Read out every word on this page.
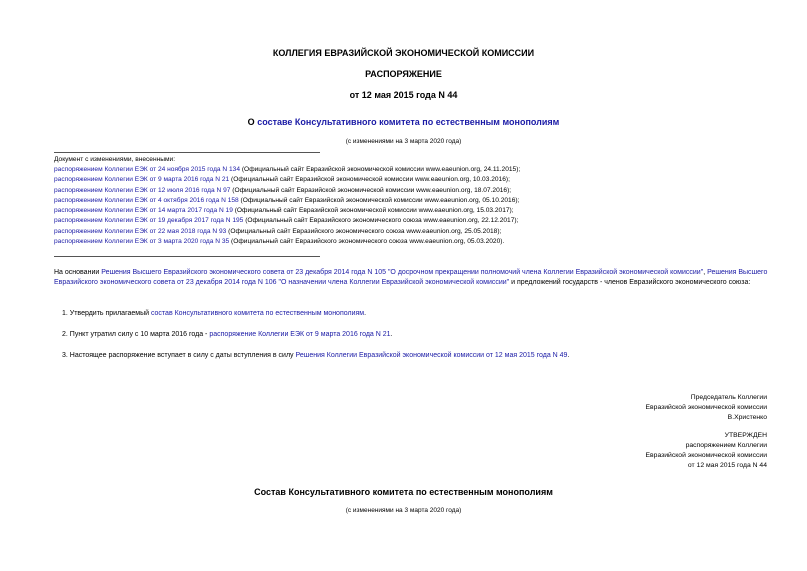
КОЛЛЕГИЯ ЕВРАЗИЙСКОЙ ЭКОНОМИЧЕСКОЙ КОМИССИИ
РАСПОРЯЖЕНИЕ
от 12 мая 2015 года N 44
О составе Консультативного комитета по естественным монополиям
(с изменениями на 3 марта 2020 года)
Документ с изменениями, внесенными:
распоряжением Коллегии ЕЭК от 24 ноября 2015 года N 134 (Официальный сайт Евразийской экономической комиссии www.eaeunion.org, 24.11.2015);
распоряжением Коллегии ЕЭК от 9 марта 2016 года N 21 (Официальный сайт Евразийской экономической комиссии www.eaeunion.org, 10.03.2016);
распоряжением Коллегии ЕЭК от 12 июля 2016 года N 97 (Официальный сайт Евразийской экономической комиссии www.eaeunion.org, 18.07.2016);
распоряжением Коллегии ЕЭК от 4 октября 2016 года N 158 (Официальный сайт Евразийской экономической комиссии www.eaeunion.org, 05.10.2016);
распоряжением Коллегии ЕЭК от 14 марта 2017 года N 19 (Официальный сайт Евразийской экономической комиссии www.eaeunion.org, 15.03.2017);
распоряжением Коллегии ЕЭК от 19 декабря 2017 года N 195 (Официальный сайт Евразийского экономического союза www.eaeunion.org, 22.12.2017);
распоряжением Коллегии ЕЭК от 22 мая 2018 года N 93 (Официальный сайт Евразийского экономического союза www.eaeunion.org, 25.05.2018);
распоряжением Коллегии ЕЭК от 3 марта 2020 года N 35 (Официальный сайт Евразийского экономического союза www.eaeunion.org, 05.03.2020).
На основании Решения Высшего Евразийского экономического совета от 23 декабря 2014 года N 105 "О досрочном прекращении полномочий члена Коллегии Евразийской экономической комиссии", Решения Высшего Евразийского экономического совета от 23 декабря 2014 года N 106 "О назначении члена Коллегии Евразийской экономической комиссии" и предложений государств - членов Евразийского экономического союза:
1. Утвердить прилагаемый состав Консультативного комитета по естественным монополиям.
2. Пункт утратил силу с 10 марта 2016 года - распоряжение Коллегии ЕЭК от 9 марта 2016 года N 21.
3. Настоящее распоряжение вступает в силу с даты вступления в силу Решения Коллегии Евразийской экономической комиссии от 12 мая 2015 года N 49.
Председатель Коллегии
Евразийской экономической комиссии
В.Христенко
УТВЕРЖДЕН
распоряжением Коллегии
Евразийской экономической комиссии
от 12 мая 2015 года N 44
Состав Консультативного комитета по естественным монополиям
(с изменениями на 3 марта 2020 года)
